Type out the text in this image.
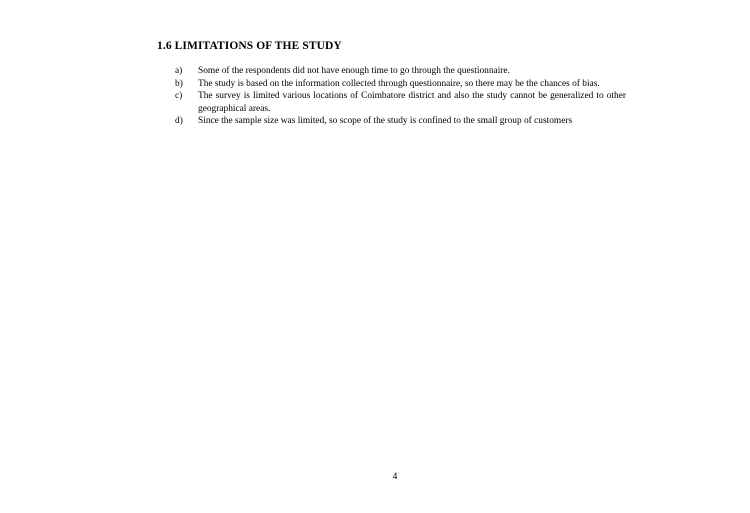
1.6 LIMITATIONS OF THE STUDY
a) Some of the respondents did not have enough time to go through the questionnaire.
b) The study is based on the information collected through questionnaire, so there may be the chances of bias.
c) The survey is limited various locations of Coimbatore district and also the study cannot be generalized to other geographical areas.
d) Since the sample size was limited, so scope of the study is confined to the small group of customers
4
